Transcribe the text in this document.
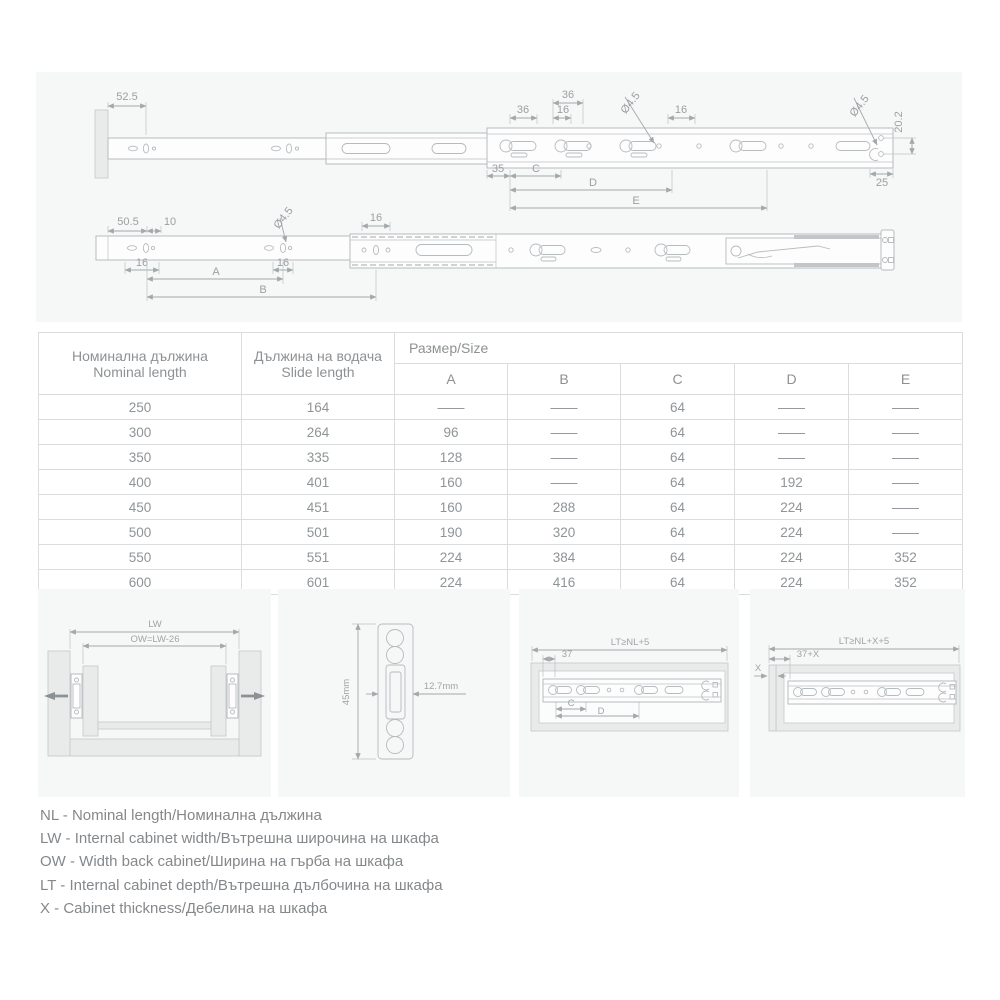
52.5
36
36
16	Ø4.5	16	Ø4.5
20.2
35	C
D
E
25
50.5 10	Ø4.5	16
16	16
A
B
Номинална дължина
Nominal length

Дължина на водача
Slide length
	Размер/Size
		A	B	C	D	E
250	164	——	——	64	——	——
300	264	96	——	64	——	——
350	335	128	——	64	——	——
400	401	160	——	64	192	——
450	451	160	288	64	224	——
500	501	190	320	64	224	——
550	551	224	384	64	224	352
600	601	224	416	64	224	352
LW
OW=LW-26
45mm	12.7mm
LT≥NL+5
37
C
D
LT≥NL+X+5
37+X
X
NL - Nominal length/Номинална дължина
LW - Internal cabinet width/Вътрешна широчина на шкафа
OW - Width back cabinet/Ширина на гърба на шкафа
LT - Internal cabinet depth/Вътрешна дълбочина на шкафа
X - Cabinet thickness/Дебелина на шкафа
